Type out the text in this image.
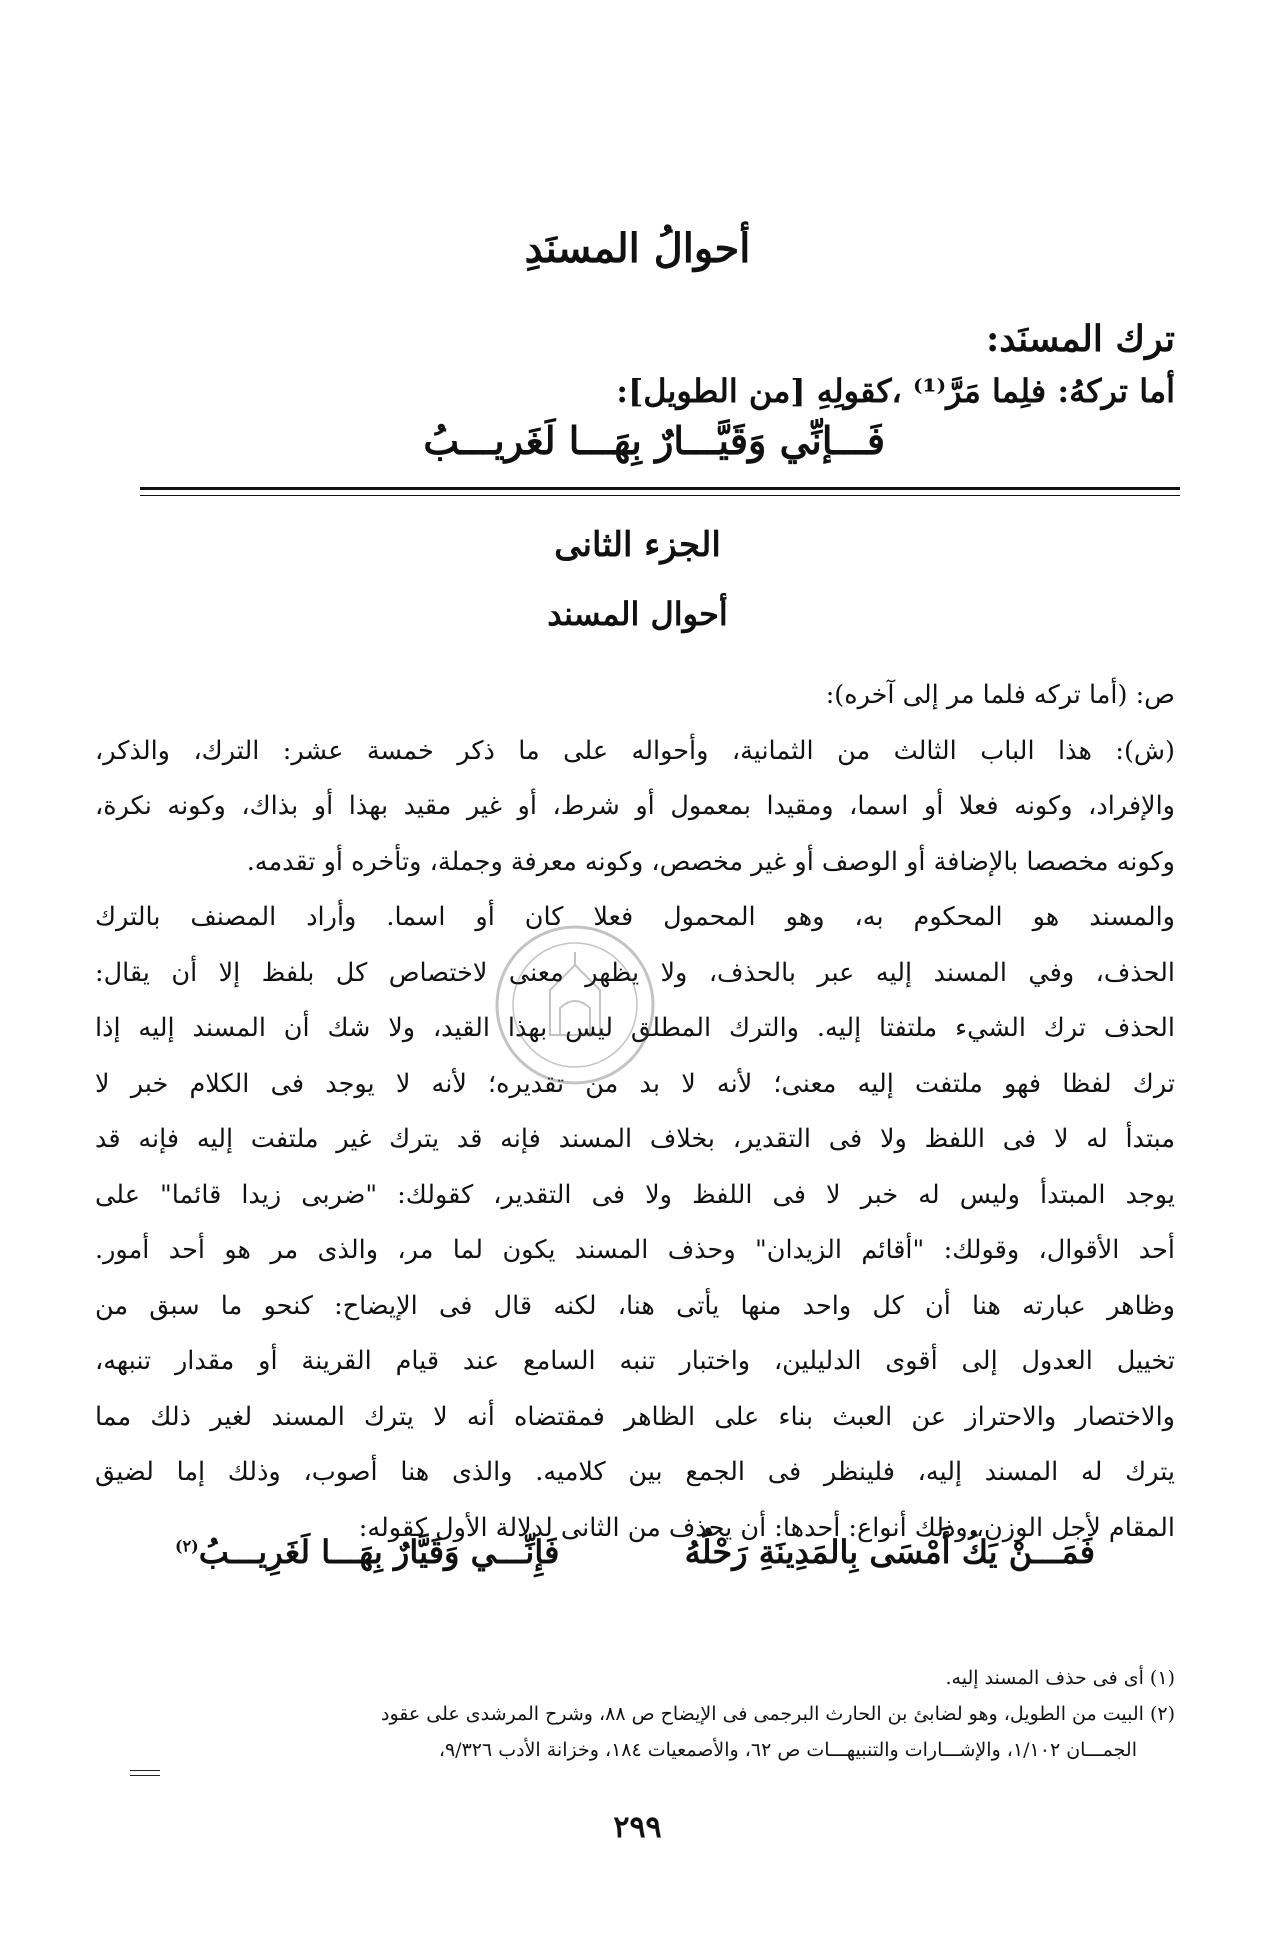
أحوالُ المسنَدِ
ترك المسنَد:
أما تركهُ: فلِما مَرَّ⁽¹⁾ ،كقولِهِ [من الطويل]:
فَـــإنِّي وَقَيَّـــارٌ بِهَـــا لَغَريـــبُ
الجزء الثانى
أحوال المسند
ص: (أما تركه فلما مر إلى آخره):
(ش): هذا الباب الثالث من الثمانية، وأحواله على ما ذكر خمسة عشر: الترك، والذكر،
والإفراد، وكونه فعلا أو اسما، ومقيدا بمعمول أو شرط، أو غير مقيد بهذا أو بذاك، وكونه نكرة،
وكونه مخصصا بالإضافة أو الوصف أو غير مخصص، وكونه معرفة وجملة، وتأخره أو تقدمه.
والمسند هو المحكوم به، وهو المحمول فعلا كان أو اسما. وأراد المصنف بالترك
الحذف، وفي المسند إليه عبر بالحذف، ولا يظهر معنى لاختصاص كل بلفظ إلا أن يقال:
الحذف ترك الشيء ملتفتا إليه. والترك المطلق ليس بهذا القيد، ولا شك أن المسند إليه إذا
ترك لفظا فهو ملتفت إليه معنى؛ لأنه لا بد من تقديره؛ لأنه لا يوجد فى الكلام خبر لا
مبتدأ له لا فى اللفظ ولا فى التقدير، بخلاف المسند فإنه قد يترك غير ملتفت إليه فإنه قد
يوجد المبتدأ وليس له خبر لا فى اللفظ ولا فى التقدير، كقولك: "ضربى زيدا قائما" على
أحد الأقوال، وقولك: "أقائم الزيدان" وحذف المسند يكون لما مر، والذى مر هو أحد أمور.
وظاهر عبارته هنا أن كل واحد منها يأتى هنا، لكنه قال فى الإيضاح: كنحو ما سبق من
تخييل العدول إلى أقوى الدليلين، واختبار تنبه السامع عند قيام القرينة أو مقدار تنبهه،
والاختصار والاحتراز عن العبث بناء على الظاهر فمقتضاه أنه لا يترك المسند لغير ذلك مما
يترك له المسند إليه، فلينظر فى الجمع بين كلاميه. والذى هنا أصوب، وذلك إما لضيق
المقام لأجل الوزن، وذلك أنواع: أحدها: أن يحذف من الثانى لدلالة الأول كقوله:
فَمَـــنْ يَكُ أَمْسَى بِالمَدِينَةِ رَحْلُهُ
فَإِنِّـــي وَقَيَّارٌ بِهَـــا لَغَرِيـــبُ$^{(٢)}$
(١) أى فى حذف المسند إليه.
(٢) البيت من الطويل، وهو لضابئ بن الحارث البرجمى فى الإيضاح ص ٨٨، وشرح المرشدى على عقود
الجمـــان ١/١٠٢، والإشـــارات والتنبيهـــات ص ٦٢، والأصمعيات ١٨٤، وخزانة الأدب ٩/٣٢٦،
٢٩٩
